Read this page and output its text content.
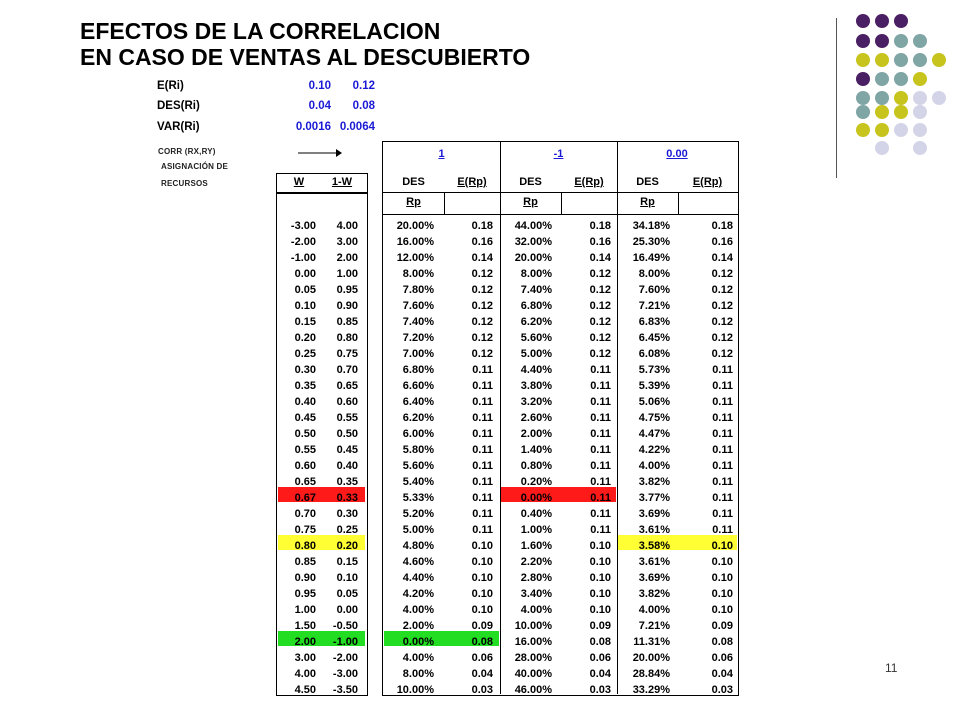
EFECTOS DE LA CORRELACION
EN CASO DE VENTAS AL DESCUBIERTO
E(Ri)	0.10	0.12
DES(Ri)	0.04	0.08
VAR(Ri)	0.0016 0.0064
CORR (RX,RY)
ASIGNACIÓN DE
RECURSOS
1	-1	0.00
W	1-W	DES	E(Rp)	DES	E(Rp)	DES	E(Rp)
Rp	Rp	Rp
-3.00	4.00	20.00%	0.18	44.00%	0.18	34.18%	0.18
-2.00	3.00	16.00%	0.16	32.00%	0.16	25.30%	0.16
-1.00	2.00	12.00%	0.14	20.00%	0.14	16.49%	0.14
0.00	1.00	8.00%	0.12	8.00%	0.12	8.00%	0.12
0.05	0.95	7.80%	0.12	7.40%	0.12	7.60%	0.12
0.10	0.90	7.60%	0.12	6.80%	0.12	7.21%	0.12
0.15	0.85	7.40%	0.12	6.20%	0.12	6.83%	0.12
0.20	0.80	7.20%	0.12	5.60%	0.12	6.45%	0.12
0.25	0.75	7.00%	0.12	5.00%	0.12	6.08%	0.12
0.30	0.70	6.80%	0.11	4.40%	0.11	5.73%	0.11
0.35	0.65	6.60%	0.11	3.80%	0.11	5.39%	0.11
0.40	0.60	6.40%	0.11	3.20%	0.11	5.06%	0.11
0.45	0.55	6.20%	0.11	2.60%	0.11	4.75%	0.11
0.50	0.50	6.00%	0.11	2.00%	0.11	4.47%	0.11
0.55	0.45	5.80%	0.11	1.40%	0.11	4.22%	0.11
0.60	0.40	5.60%	0.11	0.80%	0.11	4.00%	0.11
0.65	0.35	5.40%	0.11	0.20%	0.11	3.82%	0.11
0.67	0.33	5.33%	0.11	0.00%	0.11	3.77%	0.11
0.70	0.30	5.20%	0.11	0.40%	0.11	3.69%	0.11
0.75	0.25	5.00%	0.11	1.00%	0.11	3.61%	0.11
0.80	0.20	4.80%	0.10	1.60%	0.10	3.58%	0.10
0.85	0.15	4.60%	0.10	2.20%	0.10	3.61%	0.10
0.90	0.10	4.40%	0.10	2.80%	0.10	3.69%	0.10
0.95	0.05	4.20%	0.10	3.40%	0.10	3.82%	0.10
1.00	0.00	4.00%	0.10	4.00%	0.10	4.00%	0.10
1.50	-0.50	2.00%	0.09	10.00%	0.09	7.21%	0.09
2.00	-1.00	0.00%	0.08	16.00%	0.08	11.31%	0.08
3.00	-2.00	4.00%	0.06	28.00%	0.06	20.00%	0.06
4.00	-3.00	8.00%	0.04	40.00%	0.04	28.84%	0.04
4.50	-3.50	10.00%	0.03	46.00%	0.03	33.29%	0.03
11
